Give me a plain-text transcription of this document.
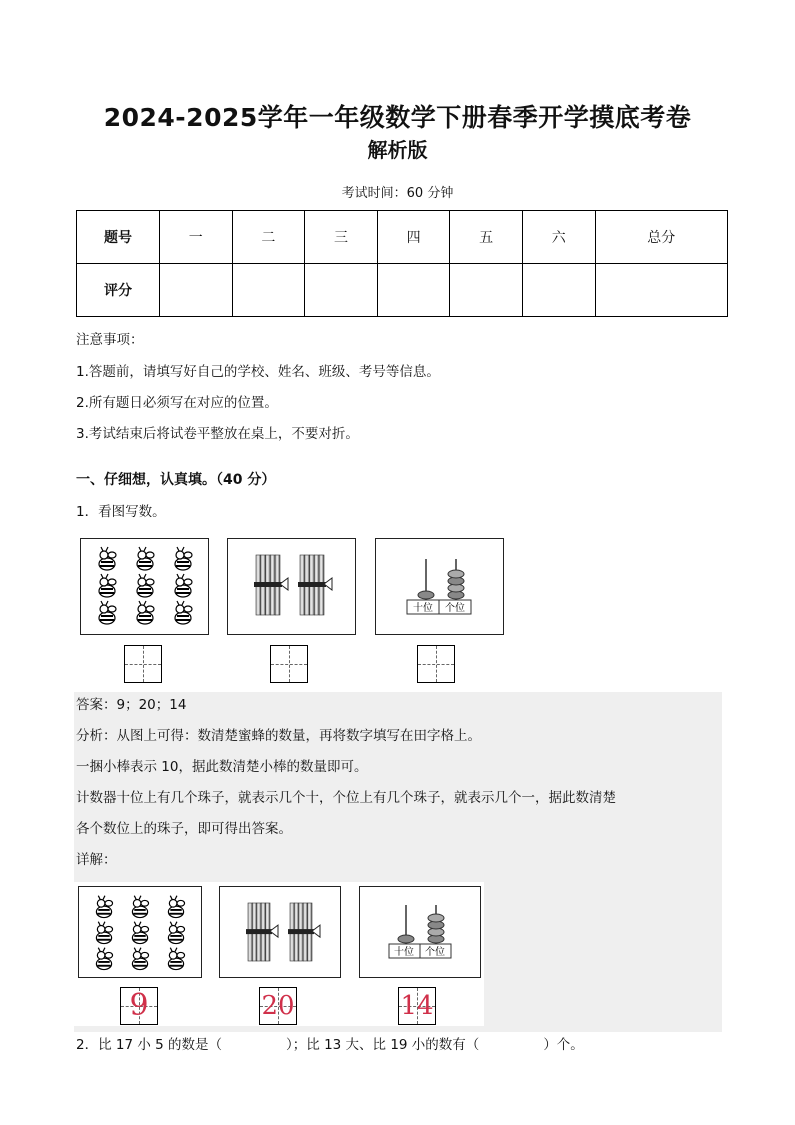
2024-2025学年一年级数学下册春季开学摸底考卷
解析版
考试时间：60 分钟
题号	一	二	三	四	五	六	总分
评分							
注意事项：
1.答题前，请填写好自己的学校、姓名、班级、考号等信息。
2.所有题日必须写在对应的位置。
3.考试结束后将试卷平整放在桌上，不要对折。
一、仔细想，认真填。（40 分）
1．看图写数。
十位 个位
答案：9；20；14
分析：从图上可得：数清楚蜜蜂的数量，再将数字填写在田字格上。
一捆小棒表示 10，据此数清楚小棒的数量即可。
计数器十位上有几个珠子，就表示几个十，个位上有几个珠子，就表示几个一，据此数清楚
各个数位上的珠子，即可得出答案。
详解：
十位 个位
9	20	14
2．比 17 小 5 的数是（	）；比 13 大、比 19 小的数有（	）个。
